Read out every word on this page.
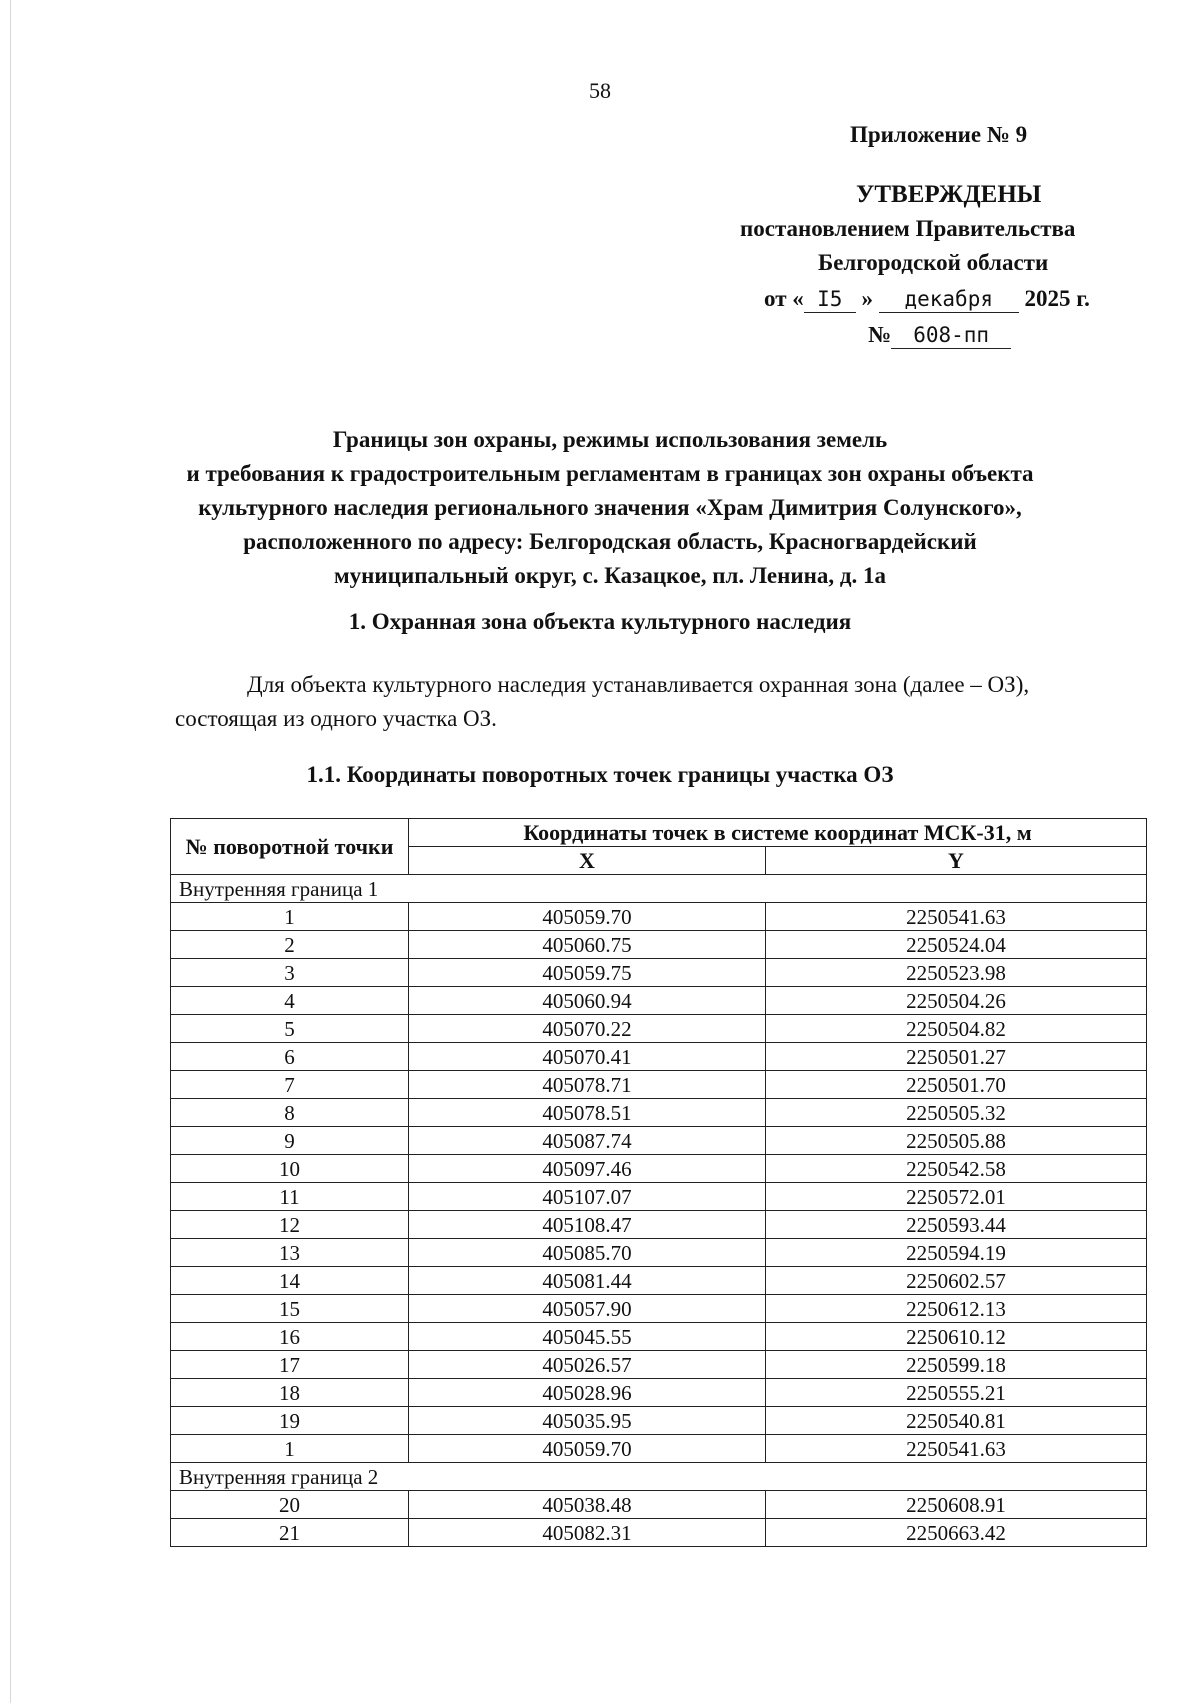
58
Приложение № 9
УТВЕРЖДЕНЫ
постановлением Правительства
Белгородской области
от « I5 » декабря 2025 г.
№ 608-пп
Границы зон охраны, режимы использования земель
и требования к градостроительным регламентам в границах зон охраны объекта
культурного наследия регионального значения «Храм Димитрия Солунского»,
расположенного по адресу: Белгородская область, Красногвардейский
муниципальный округ, с. Казацкое, пл. Ленина, д. 1а
1. Охранная зона объекта культурного наследия

Для объекта культурного наследия устанавливается охранная зона (далее – ОЗ),
состоящая из одного участка ОЗ.

1.1. Координаты поворотных точек границы участка ОЗ
№ поворотной точки	Координаты точек в системе координат МСК-31, м	
	X	Y
Внутренняя граница 1		
1	405059.70	2250541.63
2	405060.75	2250524.04
3	405059.75	2250523.98
4	405060.94	2250504.26
5	405070.22	2250504.82
6	405070.41	2250501.27
7	405078.71	2250501.70
8	405078.51	2250505.32
9	405087.74	2250505.88
10	405097.46	2250542.58
11	405107.07	2250572.01
12	405108.47	2250593.44
13	405085.70	2250594.19
14	405081.44	2250602.57
15	405057.90	2250612.13
16	405045.55	2250610.12
17	405026.57	2250599.18
18	405028.96	2250555.21
19	405035.95	2250540.81
1	405059.70	2250541.63
Внутренняя граница 2		
20	405038.48	2250608.91
21	405082.31	2250663.42
